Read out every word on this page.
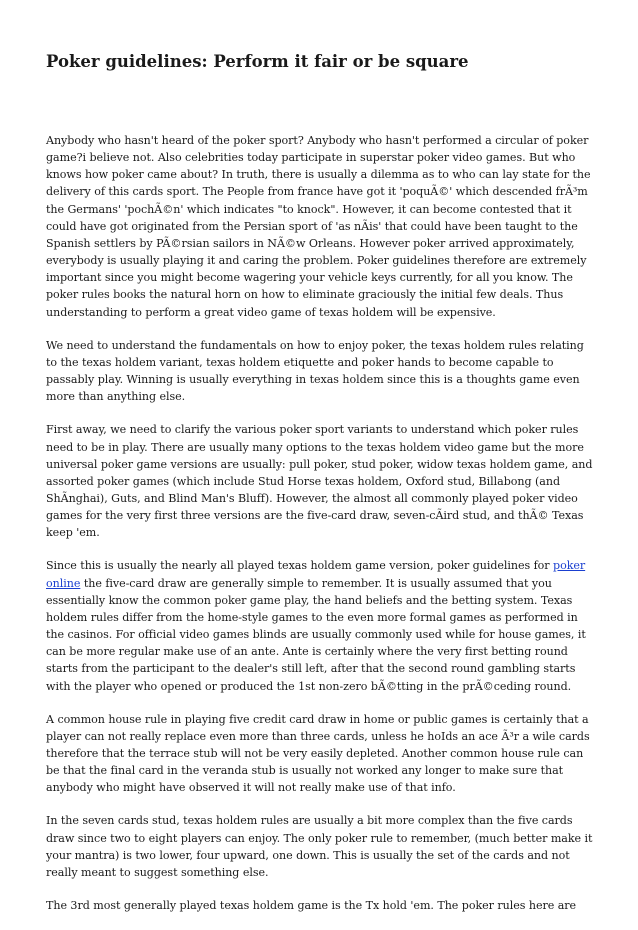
Poker guidelines: Perform it fair or be square

Anybody who hasn't heard of the poker sport? Anybody who hasn't performed a circular of poker game?i believe not. Also celebrities today participate in superstar poker video games. But who knows how poker came about? In truth, there is usually a dilemma as to who can lay state for the delivery of this cards sport. The People from france have got it 'poquÃ©' which descended frÃ³m the Germans' 'pochÃ©n' which indicates "to knock". However, it can become contested that it could have got originated from the Persian sport of 'as nÃis' that could have been taught to the Spanish settlers by PÃ©rsian sailors in NÃ©w Orleans. However poker arrived approximately, everybody is usually playing it and caring the problem. Poker guidelines therefore are extremely important since you might become wagering your vehicle keys currently, for all you know. The poker rules books the natural horn on how to eliminate graciously the initial few deals. Thus understanding to perform a great video game of texas holdem will be expensive.

We need to understand the fundamentals on how to enjoy poker, the texas holdem rules relating to the texas holdem variant, texas holdem etiquette and poker hands to become capable to passably play. Winning is usually everything in texas holdem since this is a thoughts game even more than anything else.

First away, we need to clarify the various poker sport variants to understand which poker rules need to be in play. There are usually many options to the texas holdem video game but the more universal poker game versions are usually: pull poker, stud poker, widow texas holdem game, and assorted poker games (which include Stud Horse texas holdem, Oxford stud, Billabong (and ShÃnghai), Guts, and Blind Man's Bluff). However, the almost all commonly played poker video games for the very first three versions are the five-card draw, seven-cÃird stud, and thÃ© Texas keep 'em.

Since this is usually the nearly all played texas holdem game version, poker guidelines for poker online the five-card draw are generally simple to remember. It is usually assumed that you essentially know the common poker game play, the hand beliefs and the betting system. Texas holdem rules differ from the home-style games to the even more formal games as performed in the casinos. For official video games blinds are usually commonly used while for house games, it can be more regular make use of an ante. Ante is certainly where the very first betting round starts from the participant to the dealer's still left, after that the second round gambling starts with the player who opened or produced the 1st non-zero bÃ©tting in the prÃ©ceding round.

A common house rule in playing five credit card draw in home or public games is certainly that a player can not really replace even more than three cards, unless he hoIds an ace Ã³r a wile cards therefore that the terrace stub will not be very easily depleted. Another common house rule can be that the final card in the veranda stub is usually not worked any longer to make sure that anybody who might have observed it will not really make use of that info.

In the seven cards stud, texas holdem rules are usually a bit more complex than the five cards draw since two to eight players can enjoy. The only poker rule to remember, (much better make it your mantra) is two lower, four upward, one down. This is usually the set of the cards and not really meant to suggest something else.

The 3rd most generally played texas holdem game is the Tx hold 'em. The poker rules here are
